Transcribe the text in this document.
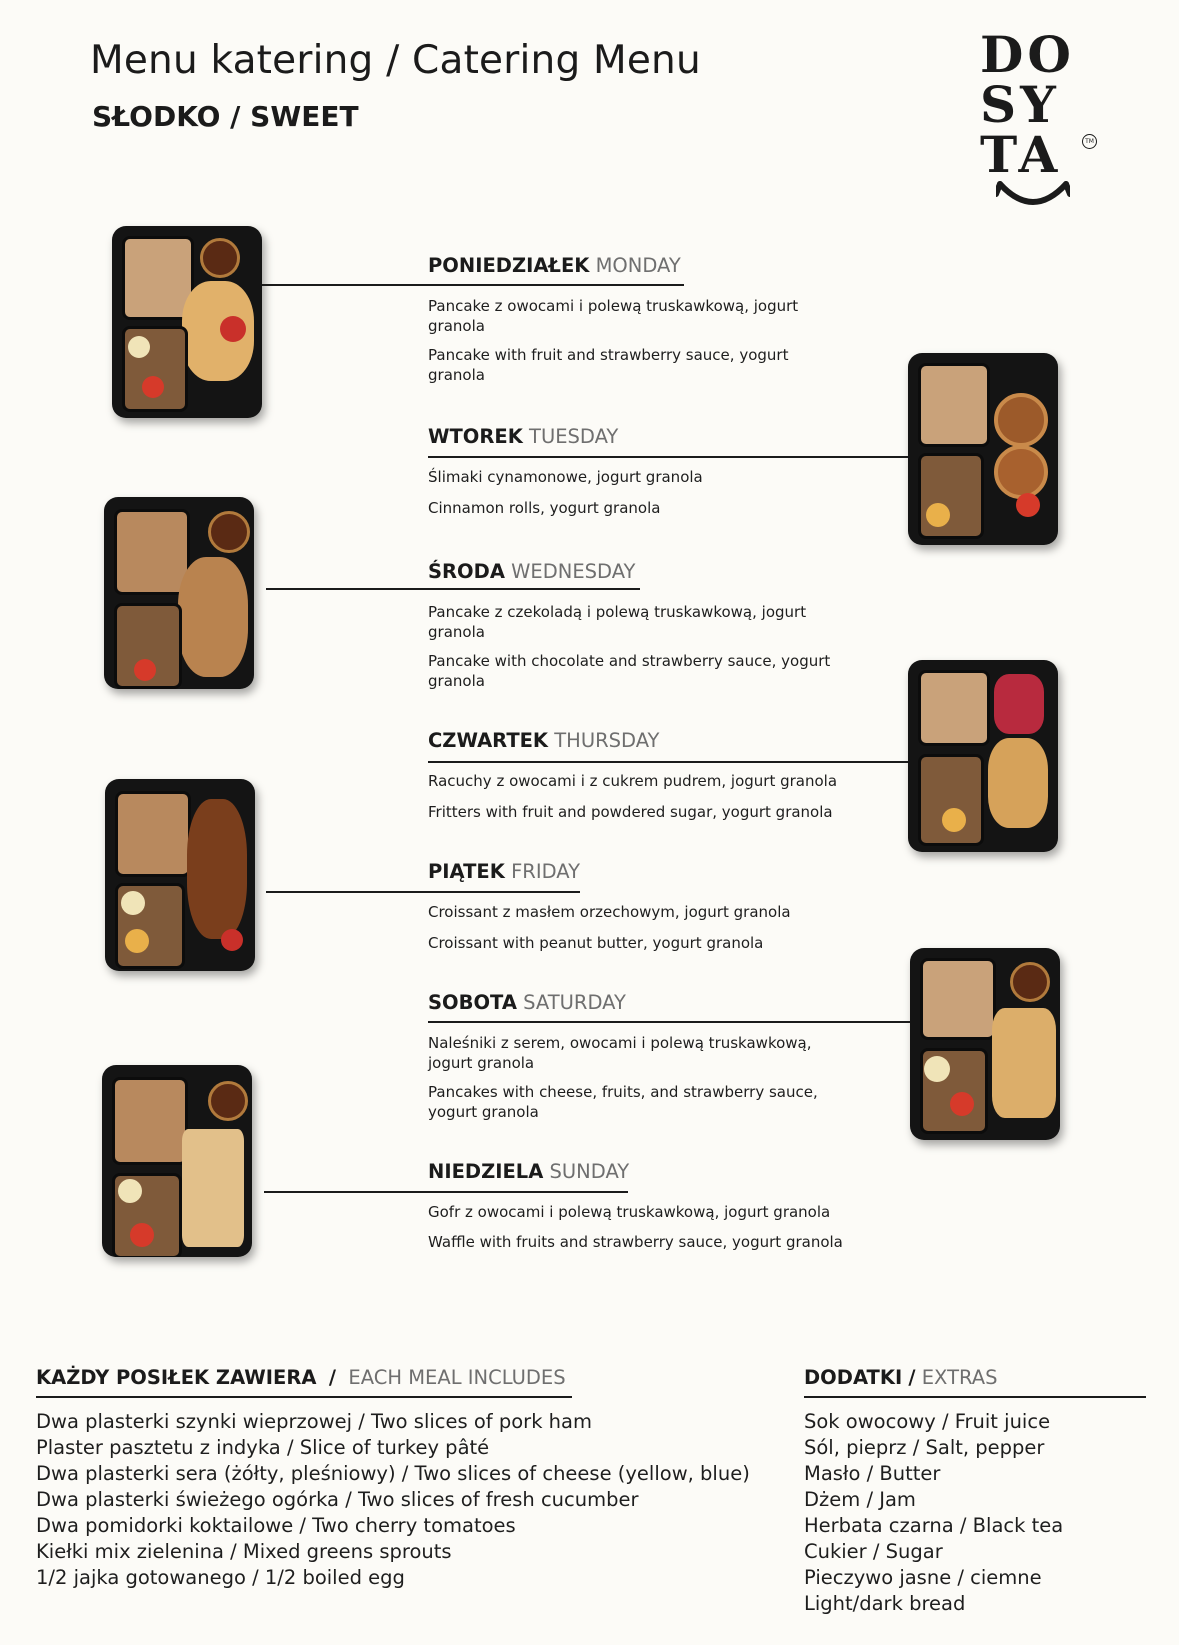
Menu katering / Catering Menu
SŁODKO / SWEET
DO
SY
TA	TM
PONIEDZIAŁEK MONDAY
Pancake z owocami i polewą truskawkową, jogurt granola
Pancake with fruit and strawberry sauce, yogurt granola
WTOREK TUESDAY
Ślimaki cynamonowe, jogurt granola
Cinnamon rolls, yogurt granola
ŚRODA WEDNESDAY
Pancake z czekoladą i polewą truskawkową, jogurt granola
Pancake with chocolate and strawberry sauce, yogurt granola
CZWARTEK THURSDAY
Racuchy z owocami i z cukrem pudrem, jogurt granola
Fritters with fruit and powdered sugar, yogurt granola
PIĄTEK FRIDAY
Croissant z masłem orzechowym, jogurt granola
Croissant with peanut butter, yogurt granola
SOBOTA SATURDAY
Naleśniki z serem, owocami i polewą truskawkową, jogurt granola
Pancakes with cheese, fruits, and strawberry sauce, yogurt granola
NIEDZIELA SUNDAY
Gofr z owocami i polewą truskawkową, jogurt granola
Waffle with fruits and strawberry sauce, yogurt granola
KAŻDY POSIŁEK ZAWIERA / EACH MEAL INCLUDES
Dwa plasterki szynki wieprzowej / Two slices of pork ham
Plaster pasztetu z indyka / Slice of turkey pâté
Dwa plasterki sera (żółty, pleśniowy) / Two slices of cheese (yellow, blue)
Dwa plasterki świeżego ogórka / Two slices of fresh cucumber
Dwa pomidorki koktailowe / Two cherry tomatoes
Kiełki mix zielenina / Mixed greens sprouts
1/2 jajka gotowanego / 1/2 boiled egg
DODATKI / EXTRAS
Sok owocowy / Fruit juice
Sól, pieprz / Salt, pepper
Masło / Butter
Dżem / Jam
Herbata czarna / Black tea
Cukier / Sugar
Pieczywo jasne / ciemne
Light/dark bread
